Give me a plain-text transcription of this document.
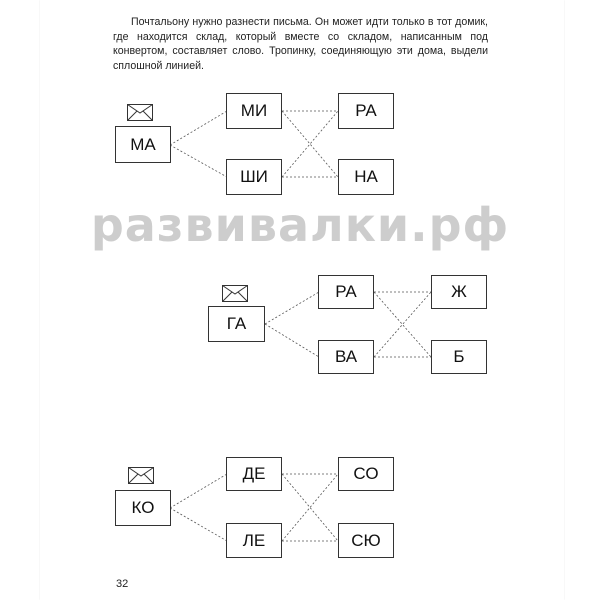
Почтальону нужно разнести письма. Он может идти только в тот домик, где находится склад, который вместе со складом, написанным под конвертом, составляет слово. Тропинку, соединяющую эти дома, выдели сплошной линией.

развивалки.рф
МА
МИ
ШИ
РА
НА
ГА
РА
ВА
Ж
Б
КО
ДЕ
ЛЕ
СО
СЮ
32
